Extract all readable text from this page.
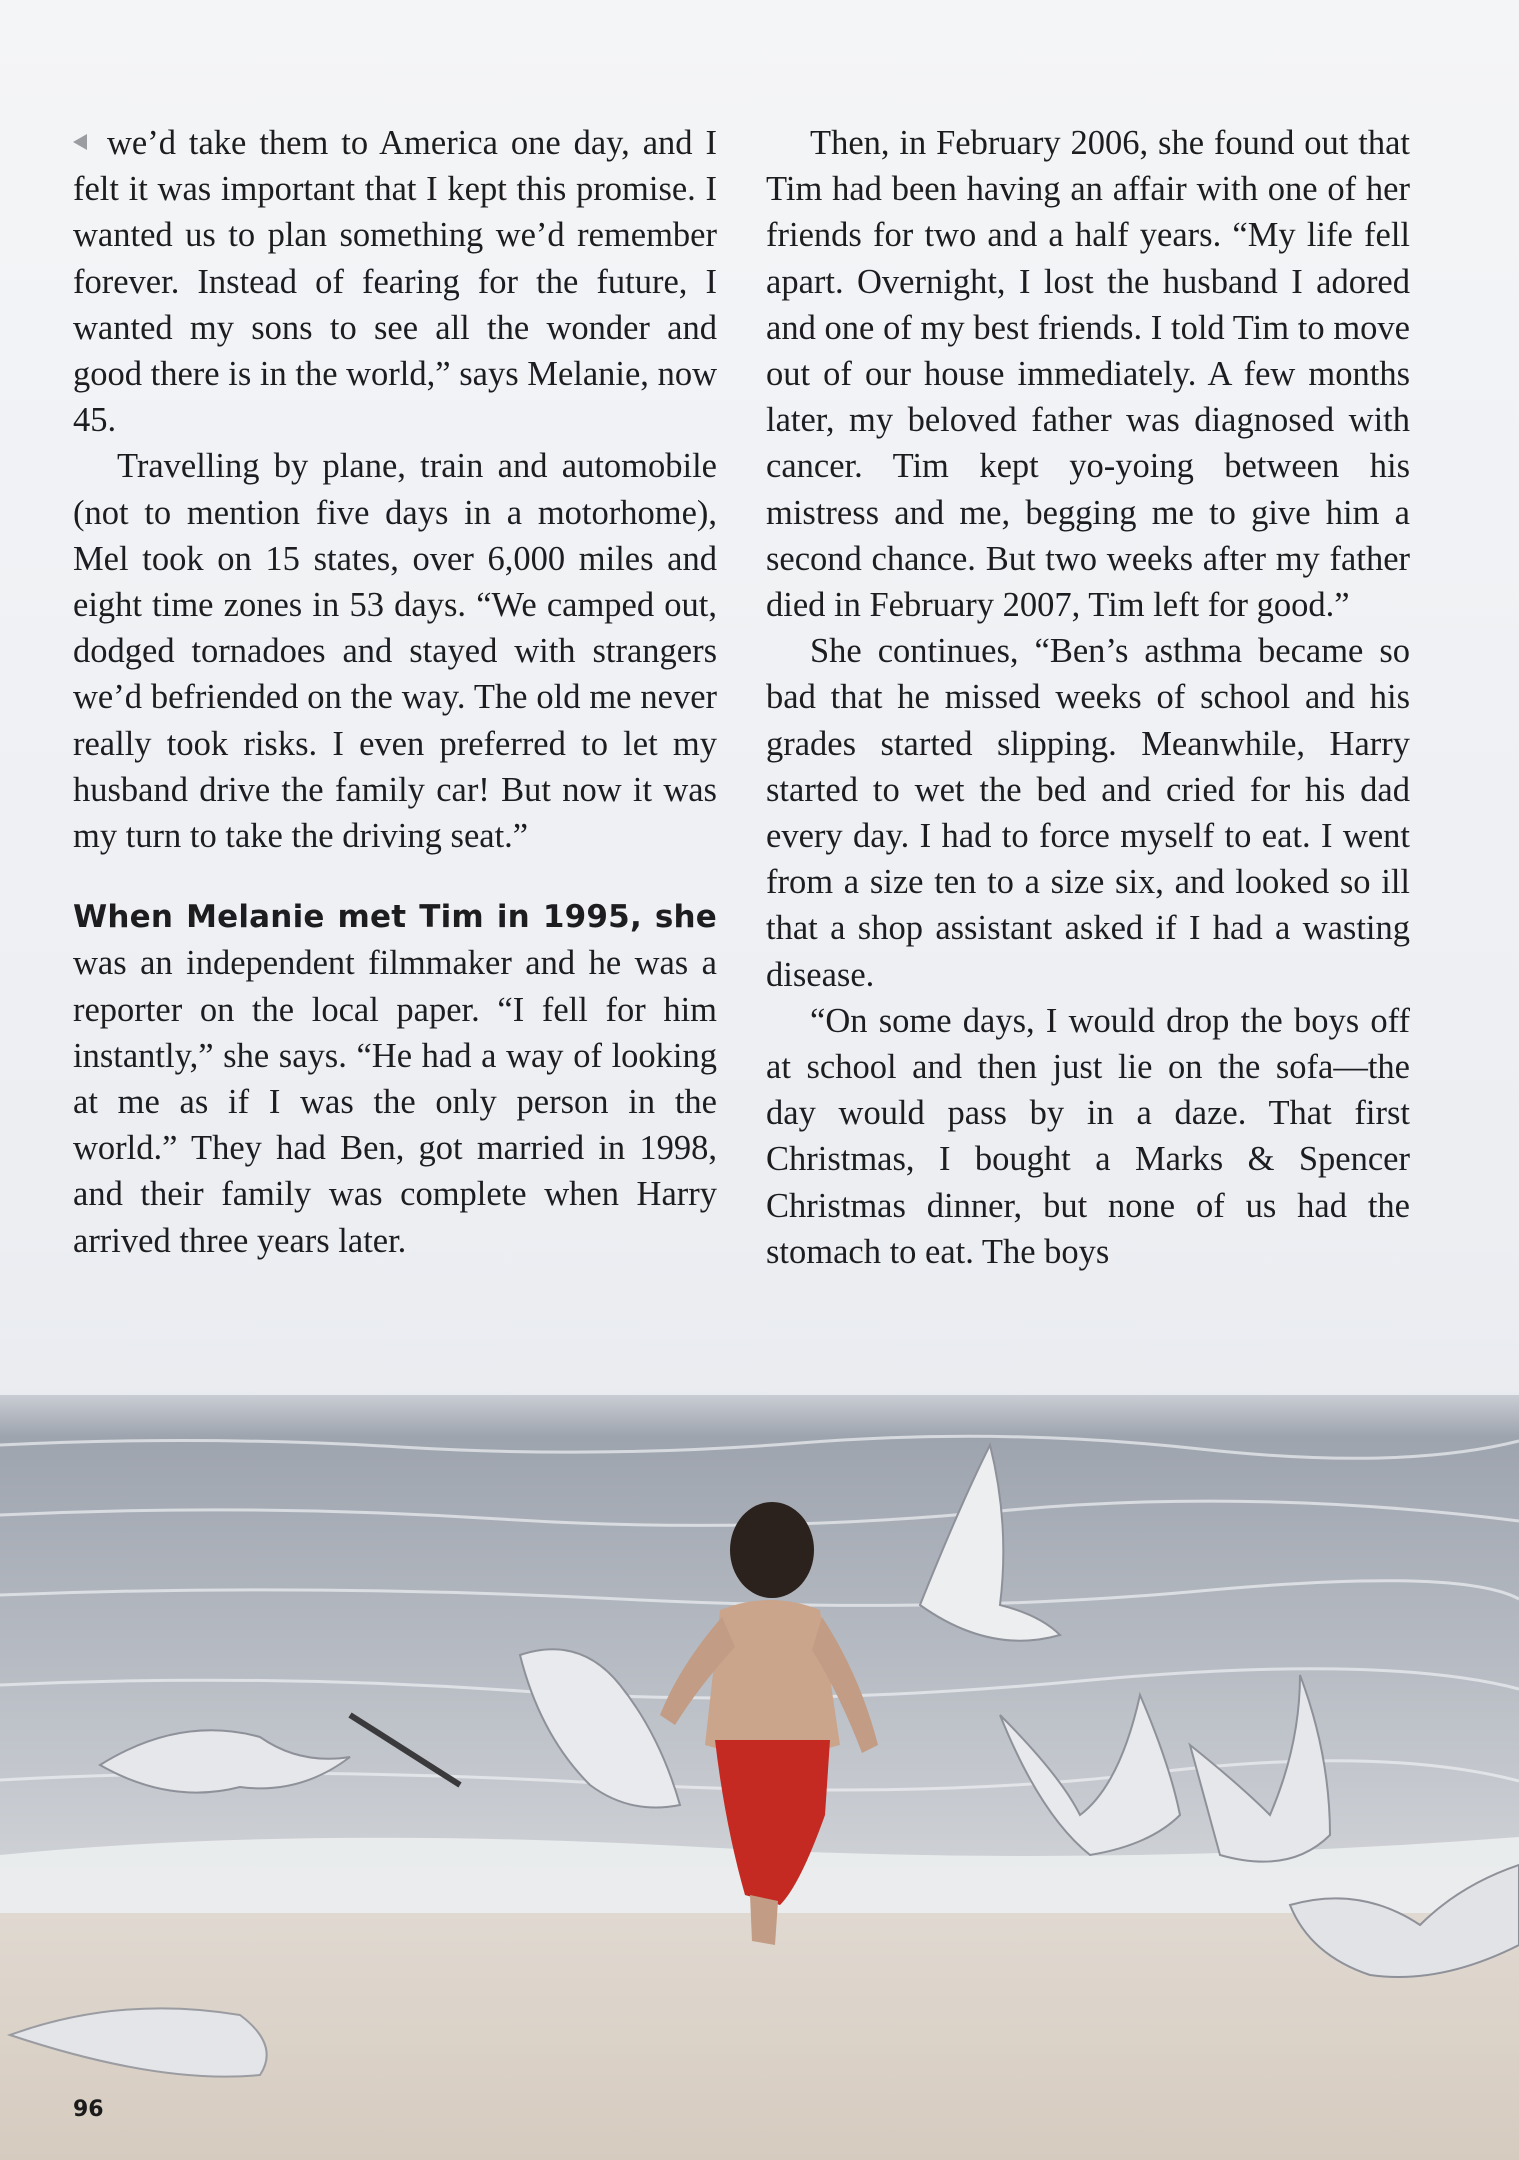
we’d take them to America one day, and I felt it was important that I kept this promise. I wanted us to plan something we’d remember forever. Instead of fearing for the future, I wanted my sons to see all the wonder and good there is in the world,” says Melanie, now 45.

Travelling by plane, train and automobile (not to mention five days in a motorhome), Mel took on 15 states, over 6,000 miles and eight time zones in 53 days. “We camped out, dodged tornadoes and stayed with strangers we’d befriended on the way. The old me never really took risks. I even preferred to let my husband drive the family car! But now it was my turn to take the driving seat.”

When Melanie met Tim in 1995, she was an independent filmmaker and he was a reporter on the local paper. “I fell for him instantly,” she says. “He had a way of looking at me as if I was the only person in the world.” They had Ben, got married in 1998, and their family was complete when Harry arrived three years later.

Then, in February 2006, she found out that Tim had been having an affair with one of her friends for two and a half years. “My life fell apart. Overnight, I lost the husband I adored and one of my best friends. I told Tim to move out of our house immediately. A few months later, my beloved father was diagnosed with cancer. Tim kept yo-yoing between his mistress and me, begging me to give him a second chance. But two weeks after my father died in February 2007, Tim left for good.”

She continues, “Ben’s asthma became so bad that he missed weeks of school and his grades started slipping. Meanwhile, Harry started to wet the bed and cried for his dad every day. I had to force myself to eat. I went from a size ten to a size six, and looked so ill that a shop assistant asked if I had a wasting disease.

“On some days, I would drop the boys off at school and then just lie on the sofa—the day would pass by in a daze. That first Christmas, I bought a Marks & Spencer Christmas dinner, but none of us had the stomach to eat. The boys

96
